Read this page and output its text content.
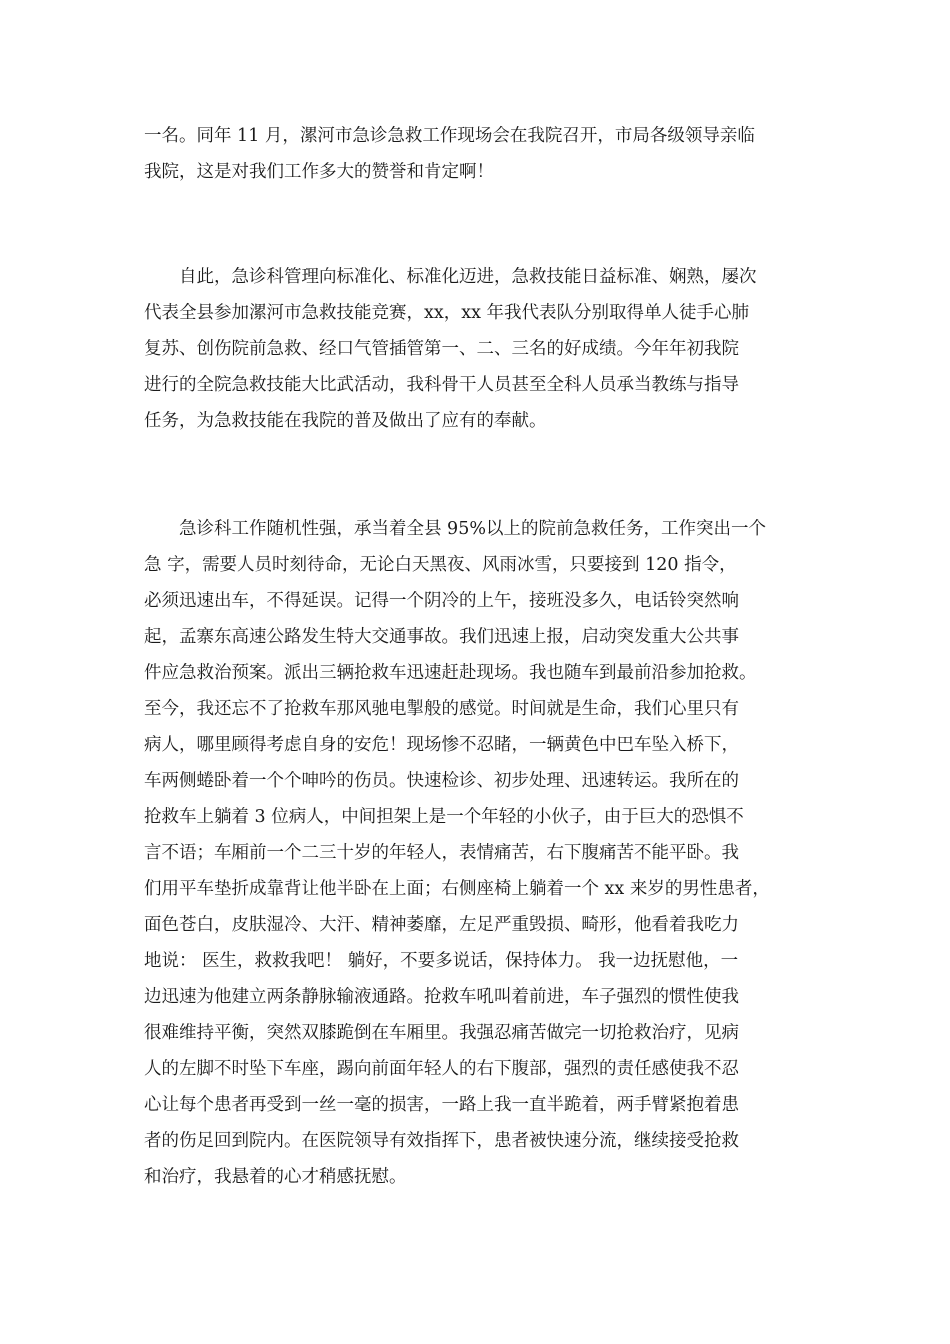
一名。同年 11 月，漯河市急诊急救工作现场会在我院召开，市局各级领导亲临
我院，这是对我们工作多大的赞誉和肯定啊！
　　自此，急诊科管理向标准化、标准化迈进，急救技能日益标准、娴熟，屡次
代表全县参加漯河市急救技能竞赛，xx，xx 年我代表队分别取得单人徒手心肺
复苏、创伤院前急救、经口气管插管第一、二、三名的好成绩。今年年初我院
进行的全院急救技能大比武活动，我科骨干人员甚至全科人员承当教练与指导
任务，为急救技能在我院的普及做出了应有的奉献。
　　急诊科工作随机性强，承当着全县 95%以上的院前急救任务，工作突出一个
急 字，需要人员时刻待命，无论白天黑夜、风雨冰雪，只要接到 120 指令，
必须迅速出车，不得延误。记得一个阴冷的上午，接班没多久，电话铃突然响
起，孟寨东高速公路发生特大交通事故。我们迅速上报，启动突发重大公共事
件应急救治预案。派出三辆抢救车迅速赶赴现场。我也随车到最前沿参加抢救。
至今，我还忘不了抢救车那风驰电掣般的感觉。时间就是生命，我们心里只有
病人，哪里顾得考虑自身的安危！现场惨不忍睹，一辆黄色中巴车坠入桥下，
车两侧蜷卧着一个个呻吟的伤员。快速检诊、初步处理、迅速转运。我所在的
抢救车上躺着 3 位病人，中间担架上是一个年轻的小伙子，由于巨大的恐惧不
言不语；车厢前一个二三十岁的年轻人，表情痛苦，右下腹痛苦不能平卧。我
们用平车垫折成靠背让他半卧在上面；右侧座椅上躺着一个 xx 来岁的男性患者，
面色苍白，皮肤湿冷、大汗、精神萎靡，左足严重毁损、畸形，他看着我吃力
地说： 医生，救救我吧！ 躺好，不要多说话，保持体力。 我一边抚慰他，一
边迅速为他建立两条静脉输液通路。抢救车吼叫着前进，车子强烈的惯性使我
很难维持平衡，突然双膝跪倒在车厢里。我强忍痛苦做完一切抢救治疗，见病
人的左脚不时坠下车座，踢向前面年轻人的右下腹部，强烈的责任感使我不忍
心让每个患者再受到一丝一毫的损害，一路上我一直半跪着，两手臂紧抱着患
者的伤足回到院内。在医院领导有效指挥下，患者被快速分流，继续接受抢救
和治疗，我悬着的心才稍感抚慰。
